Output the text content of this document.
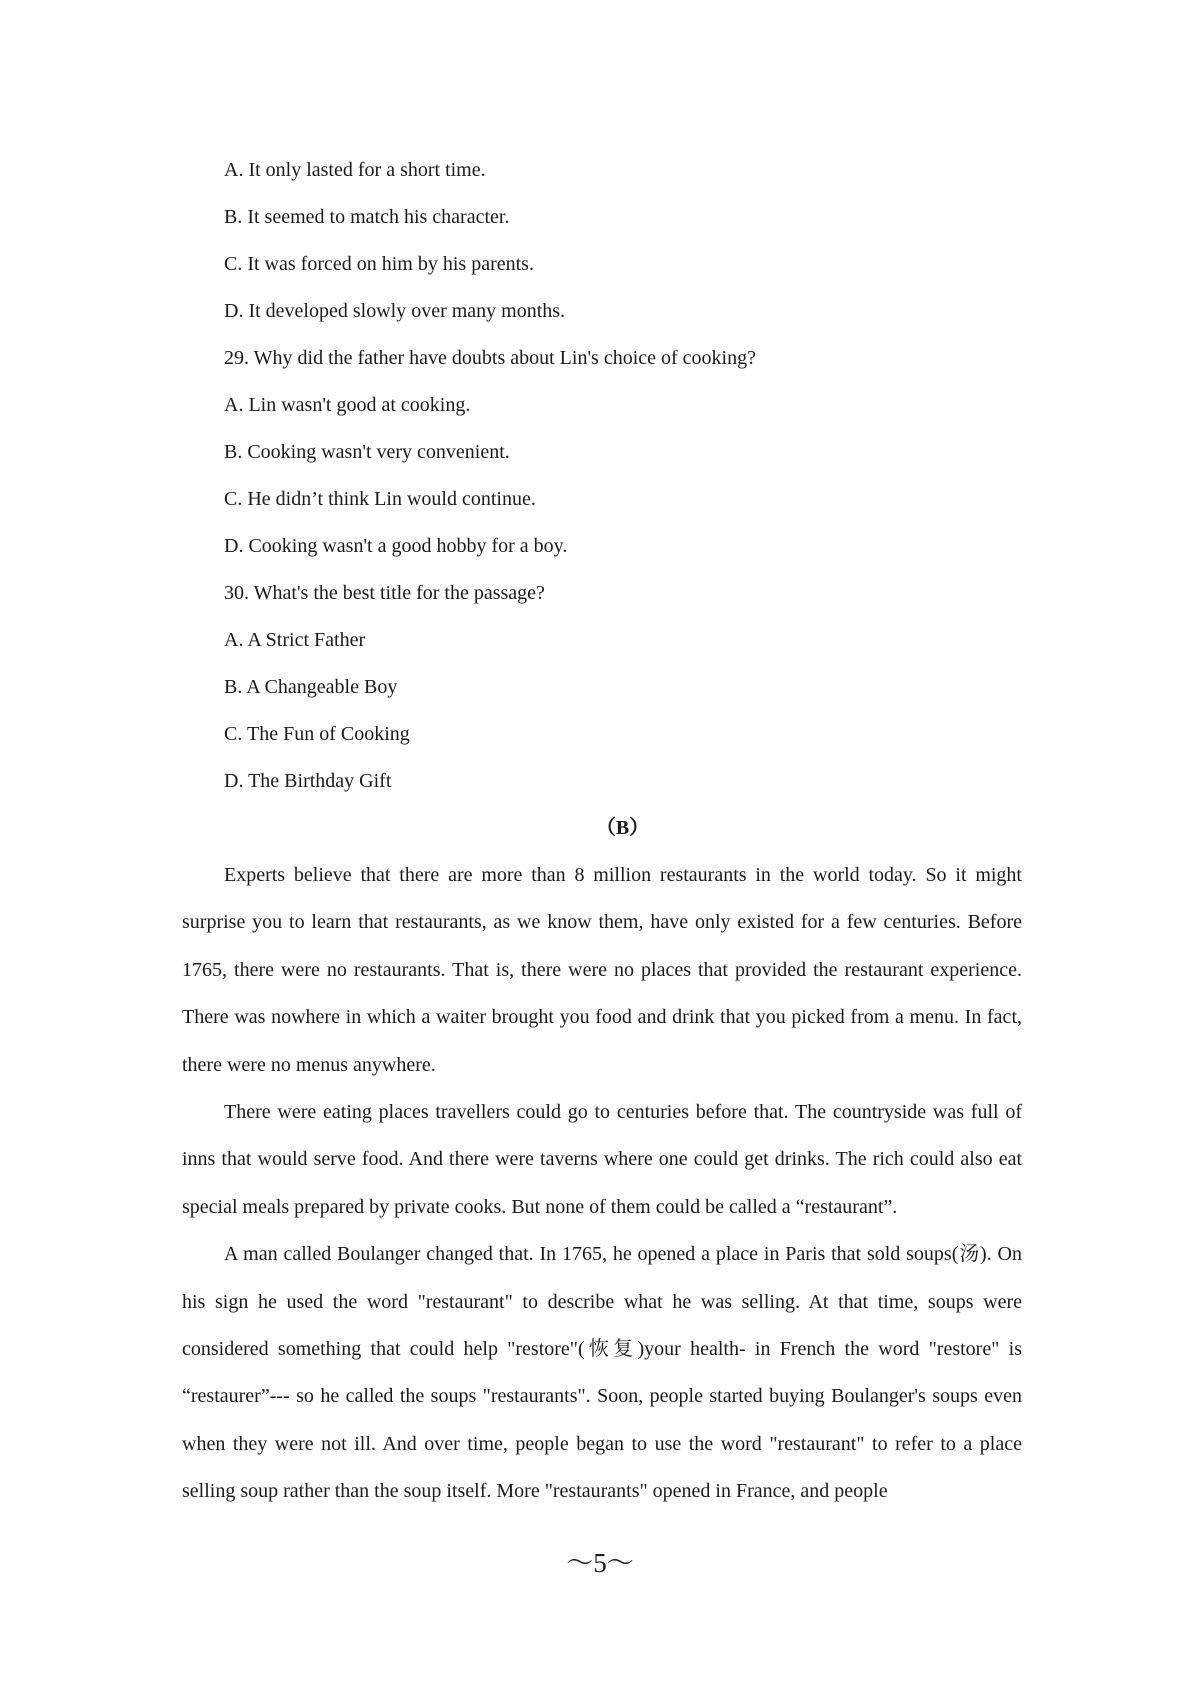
A. It only lasted for a short time.
B. It seemed to match his character.
C. It was forced on him by his parents.
D. It developed slowly over many months.
29. Why did the father have doubts about Lin's choice of cooking?
A. Lin wasn't good at cooking.
B. Cooking wasn't very convenient.
C. He didn’t think Lin would continue.
D. Cooking wasn't a good hobby for a boy.
30. What's the best title for the passage?
A. A Strict Father
B. A Changeable Boy
C. The Fun of Cooking
D. The Birthday Gift
（B）

Experts believe that there are more than 8 million restaurants in the world today. So it might surprise you to learn that restaurants, as we know them, have only existed for a few centuries. Before 1765, there were no restaurants. That is, there were no places that provided the restaurant experience. There was nowhere in which a waiter brought you food and drink that you picked from a menu. In fact, there were no menus anywhere.

There were eating places travellers could go to centuries before that. The countryside was full of inns that would serve food. And there were taverns where one could get drinks. The rich could also eat special meals prepared by private cooks. But none of them could be called a “restaurant”.

A man called Boulanger changed that. In 1765, he opened a place in Paris that sold soups(汤). On his sign he used the word "restaurant" to describe what he was selling. At that time, soups were considered something that could help "restore"(恢复)your health- in French the word "restore" is “restaurer”--- so he called the soups "restaurants". Soon, people started buying Boulanger's soups even when they were not ill. And over time, people began to use the word "restaurant" to refer to a place selling soup rather than the soup itself. More "restaurants" opened in France, and people

～5～
